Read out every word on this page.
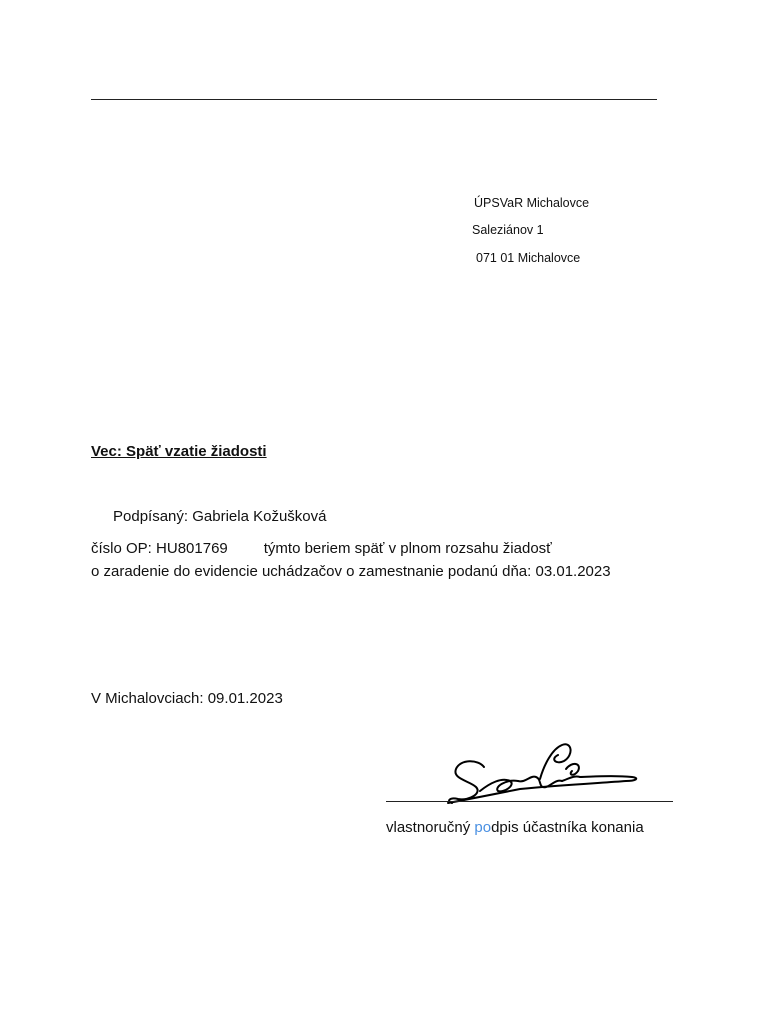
ÚPSVaR Michalovce
Saleziánov 1
071 01 Michalovce
Vec: Späť vzatie žiadosti
Podpísaný: Gabriela Kožušková
číslo OP: HU801769 týmto beriem späť v plnom rozsahu žiadosť
o zaradenie do evidencie uchádzačov o zamestnanie podanú dňa: 03.01.2023
V Michalovciach: 09.01.2023
vlastnoručný podpis účastníka konania
